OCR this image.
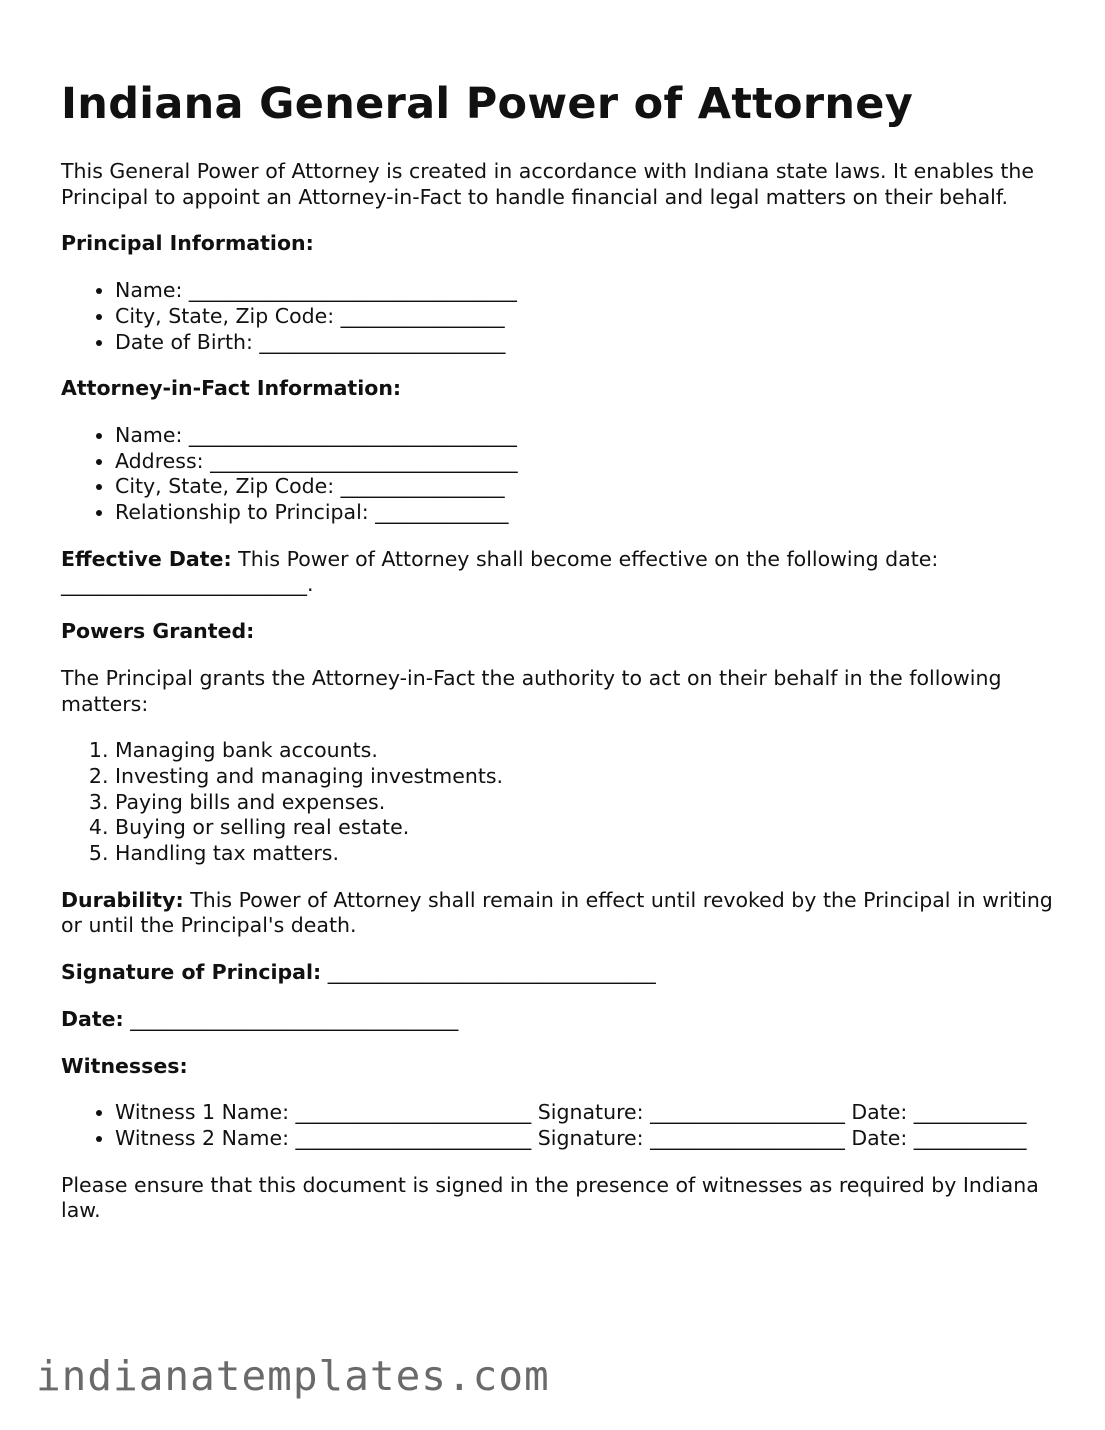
Indiana General Power of Attorney

This General Power of Attorney is created in accordance with Indiana state laws. It enables the Principal to appoint an Attorney-in-Fact to handle financial and legal matters on their behalf.

Principal Information:
• Name: ________________________________
• City, State, Zip Code: ________________
• Date of Birth: ________________________
Attorney-in-Fact Information:
• Name: ________________________________
• Address: ______________________________
• City, State, Zip Code: ________________
• Relationship to Principal: _____________

Effective Date: This Power of Attorney shall become effective on the following date: ________________________.

Powers Granted:

The Principal grants the Attorney-in-Fact the authority to act on their behalf in the following matters:

1. Managing bank accounts.
2. Investing and managing investments.
3. Paying bills and expenses.
4. Buying or selling real estate.
5. Handling tax matters.

Durability: This Power of Attorney shall remain in effect until revoked by the Principal in writing or until the Principal's death.

Signature of Principal: ________________________________

Date: ________________________________

Witnesses:
• Witness 1 Name: _______________________ Signature: ___________________ Date: ___________
• Witness 2 Name: _______________________ Signature: ___________________ Date: ___________

Please ensure that this document is signed in the presence of witnesses as required by Indiana law.

indianatemplates.com
